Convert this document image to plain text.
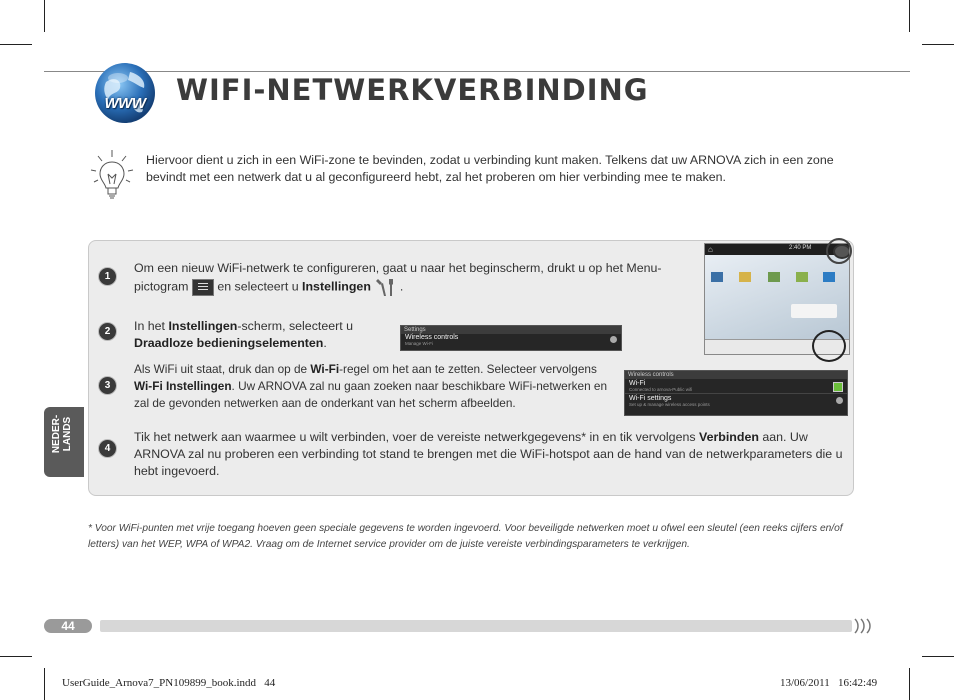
WWW WIFI-NETWERKVERBINDING
Hiervoor dient u zich in een WiFi-zone te bevinden, zodat u verbinding kunt maken. Telkens dat uw ARNOVA zich in een zone bevindt met een netwerk dat u al geconfigureerd hebt, zal het proberen om hier verbinding mee te maken.
NEDER- LANDS
1
Om een nieuw WiFi-netwerk te configureren, gaat u naar het beginscherm, drukt u op het Menu-pictogram en selecteert u Instellingen .
⌂	2:40 PM
2	In het Instellingen-scherm, selecteert u Draadloze bedieningselementen.
Settings
Wireless controls
Manage Wi-Fi
3
Als WiFi uit staat, druk dan op de Wi-Fi-regel om het aan te zetten. Selecteer vervolgens Wi-Fi Instellingen. Uw ARNOVA zal nu gaan zoeken naar beschikbare WiFi-netwerken en zal de gevonden netwerken aan de onderkant van het scherm afbeelden.
Wireless controls
Wi-Fi
Connected to arnova-Public wifi
Wi-Fi settings
Set up & manage wireless access points
4
Tik het netwerk aan waarmee u wilt verbinden, voer de vereiste netwerkgegevens* in en tik vervolgens Verbinden aan. Uw ARNOVA zal nu proberen een verbinding tot stand te brengen met die WiFi-hotspot aan de hand van de netwerkparameters die u hebt ingevoerd.
* Voor WiFi-punten met vrije toegang hoeven geen speciale gegevens te worden ingevoerd. Voor beveiligde netwerken moet u ofwel een sleutel (een reeks cijfers en/of letters) van het WEP, WPA of WPA2. Vraag om de Internet service provider om de juiste vereiste verbindingsparameters te verkrijgen.
44
UserGuide_Arnova7_PN109899_book.indd   44	13/06/2011   16:42:49
